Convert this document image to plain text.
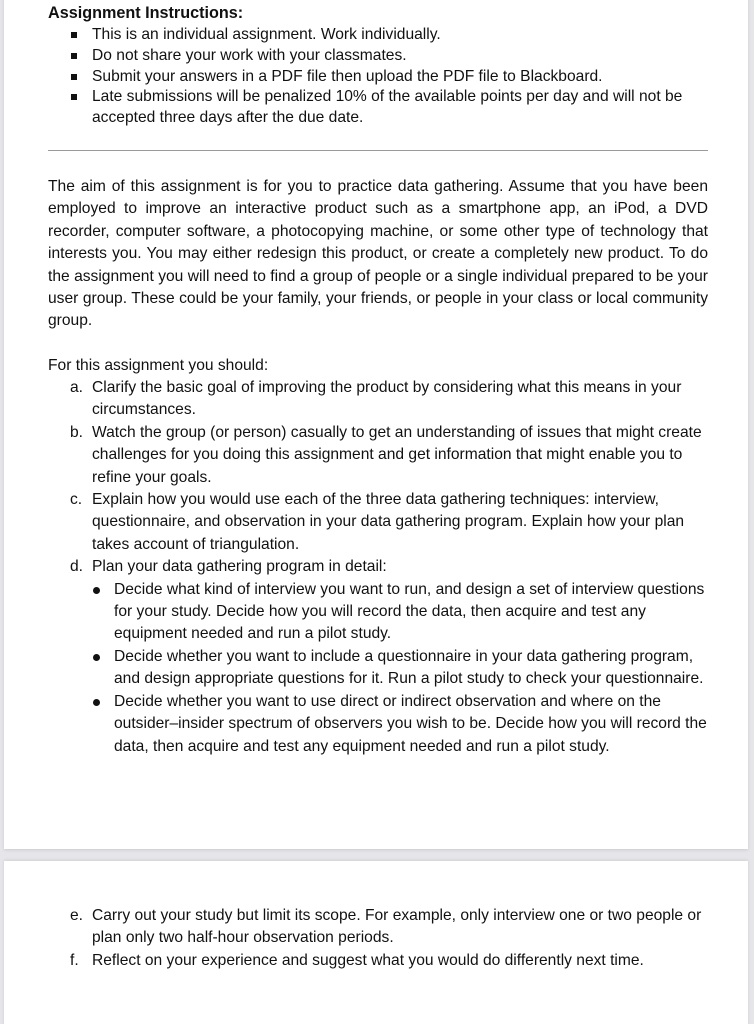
Assignment Instructions:
This is an individual assignment. Work individually.
Do not share your work with your classmates.
Submit your answers in a PDF file then upload the PDF file to Blackboard.
Late submissions will be penalized 10% of the available points per day and will not be accepted three days after the due date.

The aim of this assignment is for you to practice data gathering. Assume that you have been employed to improve an interactive product such as a smartphone app, an iPod, a DVD recorder, computer software, a photocopying machine, or some other type of technology that interests you. You may either redesign this product, or create a completely new product. To do the assignment you will need to find a group of people or a single individual prepared to be your user group. These could be your family, your friends, or people in your class or local community group.

For this assignment you should:

a. Clarify the basic goal of improving the product by considering what this means in your circumstances.
b. Watch the group (or person) casually to get an understanding of issues that might create challenges for you doing this assignment and get information that might enable you to refine your goals.
c. Explain how you would use each of the three data gathering techniques: interview, questionnaire, and observation in your data gathering program. Explain how your plan takes account of triangulation.
d. Plan your data gathering program in detail:
Decide what kind of interview you want to run, and design a set of interview questions for your study. Decide how you will record the data, then acquire and test any equipment needed and run a pilot study.
Decide whether you want to include a questionnaire in your data gathering program, and design appropriate questions for it. Run a pilot study to check your questionnaire.
Decide whether you want to use direct or indirect observation and where on the outsider–insider spectrum of observers you wish to be. Decide how you will record the data, then acquire and test any equipment needed and run a pilot study.
e. Carry out your study but limit its scope. For example, only interview one or two people or plan only two half-hour observation periods.
f. Reflect on your experience and suggest what you would do differently next time.
